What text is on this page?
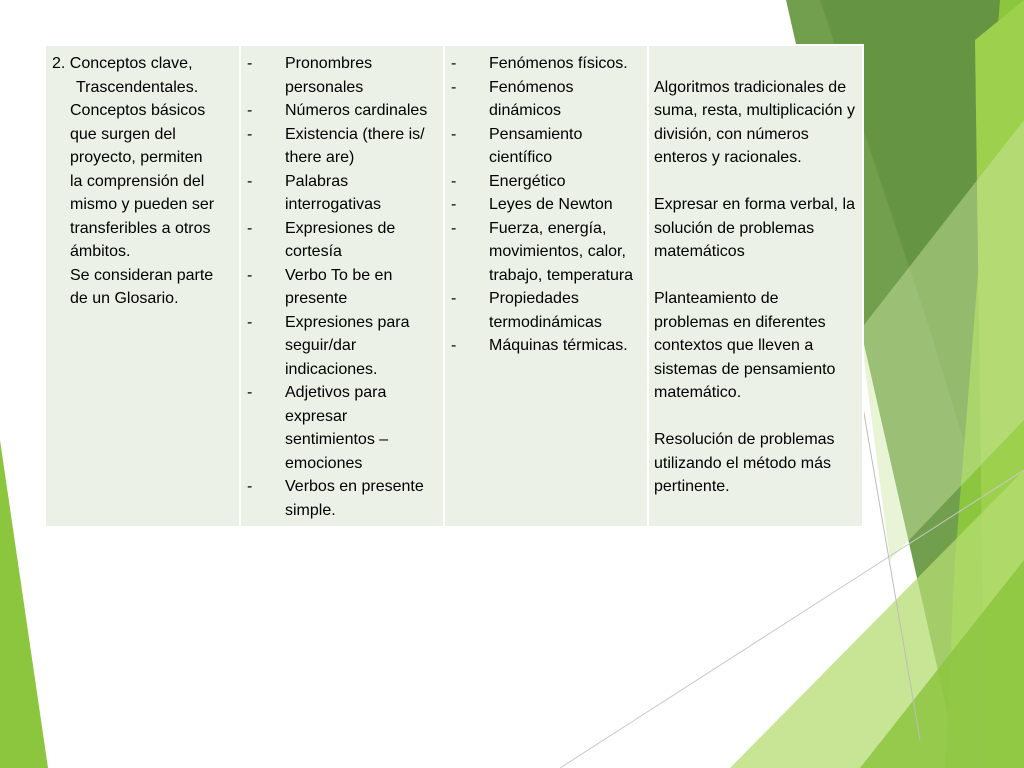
2. Conceptos clave,
Trascendentales.
Conceptos básicos
que surgen del
proyecto, permiten
la comprensión del
mismo y pueden ser
transferibles a otros
ámbitos.
Se consideran parte
de un Glosario.

- Pronombres personales
- Números cardinales
- Existencia (there is/ there are)
- Palabras interrogativas
- Expresiones de cortesía
- Verbo To be en presente
- Expresiones para seguir/dar indicaciones.
- Adjetivos para expresar sentimientos – emociones
- Verbos en presente simple.

- Fenómenos físicos.
- Fenómenos dinámicos
- Pensamiento científico
- Energético
- Leyes de Newton
- Fuerza, energía, movimientos, calor, trabajo, temperatura
- Propiedades termodinámicas
- Máquinas térmicas.

Algoritmos tradicionales de suma, resta, multiplicación y división, con números enteros y racionales.
Expresar en forma verbal, la solución de problemas matemáticos
Planteamiento de problemas en diferentes contextos que lleven a sistemas de pensamiento matemático.
Resolución de problemas utilizando el método más pertinente.
